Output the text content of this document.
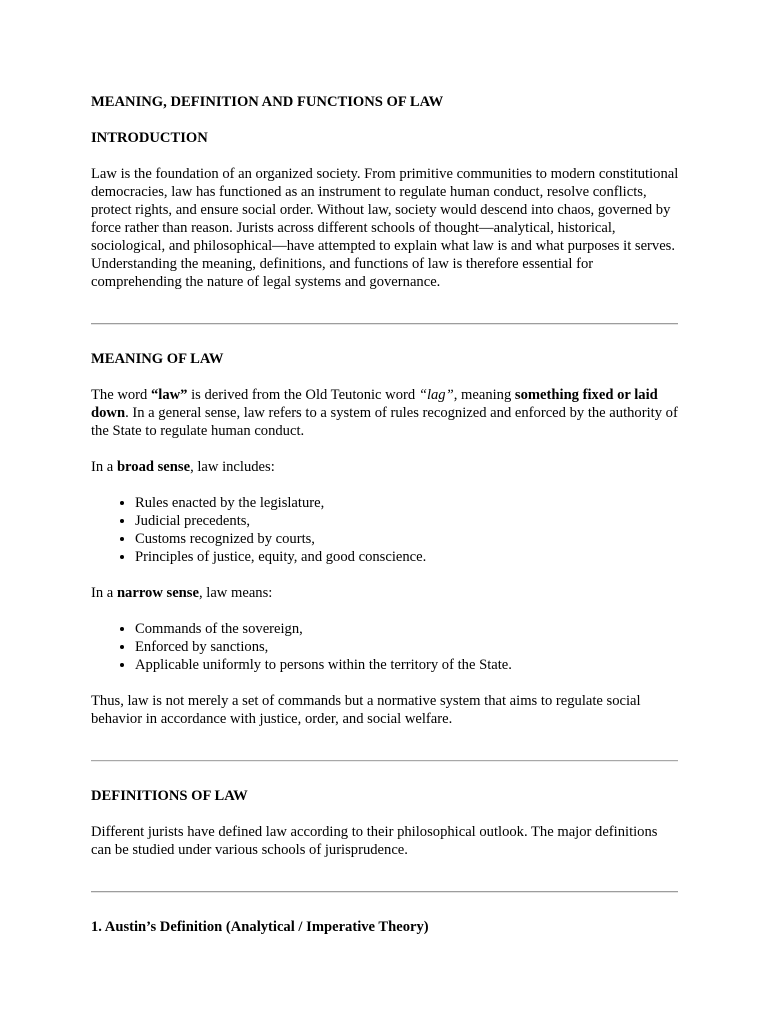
MEANING, DEFINITION AND FUNCTIONS OF LAW
INTRODUCTION

Law is the foundation of an organized society. From primitive communities to modern constitutional democracies, law has functioned as an instrument to regulate human conduct, resolve conflicts, protect rights, and ensure social order. Without law, society would descend into chaos, governed by force rather than reason. Jurists across different schools of thought—analytical, historical, sociological, and philosophical—have attempted to explain what law is and what purposes it serves. Understanding the meaning, definitions, and functions of law is therefore essential for comprehending the nature of legal systems and governance.

MEANING OF LAW

The word “law” is derived from the Old Teutonic word “lag”, meaning something fixed or laid down. In a general sense, law refers to a system of rules recognized and enforced by the authority of the State to regulate human conduct.

In a broad sense, law includes:

• Rules enacted by the legislature,
• Judicial precedents,
• Customs recognized by courts,
• Principles of justice, equity, and good conscience.

In a narrow sense, law means:

• Commands of the sovereign,
• Enforced by sanctions,
• Applicable uniformly to persons within the territory of the State.

Thus, law is not merely a set of commands but a normative system that aims to regulate social behavior in accordance with justice, order, and social welfare.

DEFINITIONS OF LAW

Different jurists have defined law according to their philosophical outlook. The major definitions can be studied under various schools of jurisprudence.

1. Austin’s Definition (Analytical / Imperative Theory)
